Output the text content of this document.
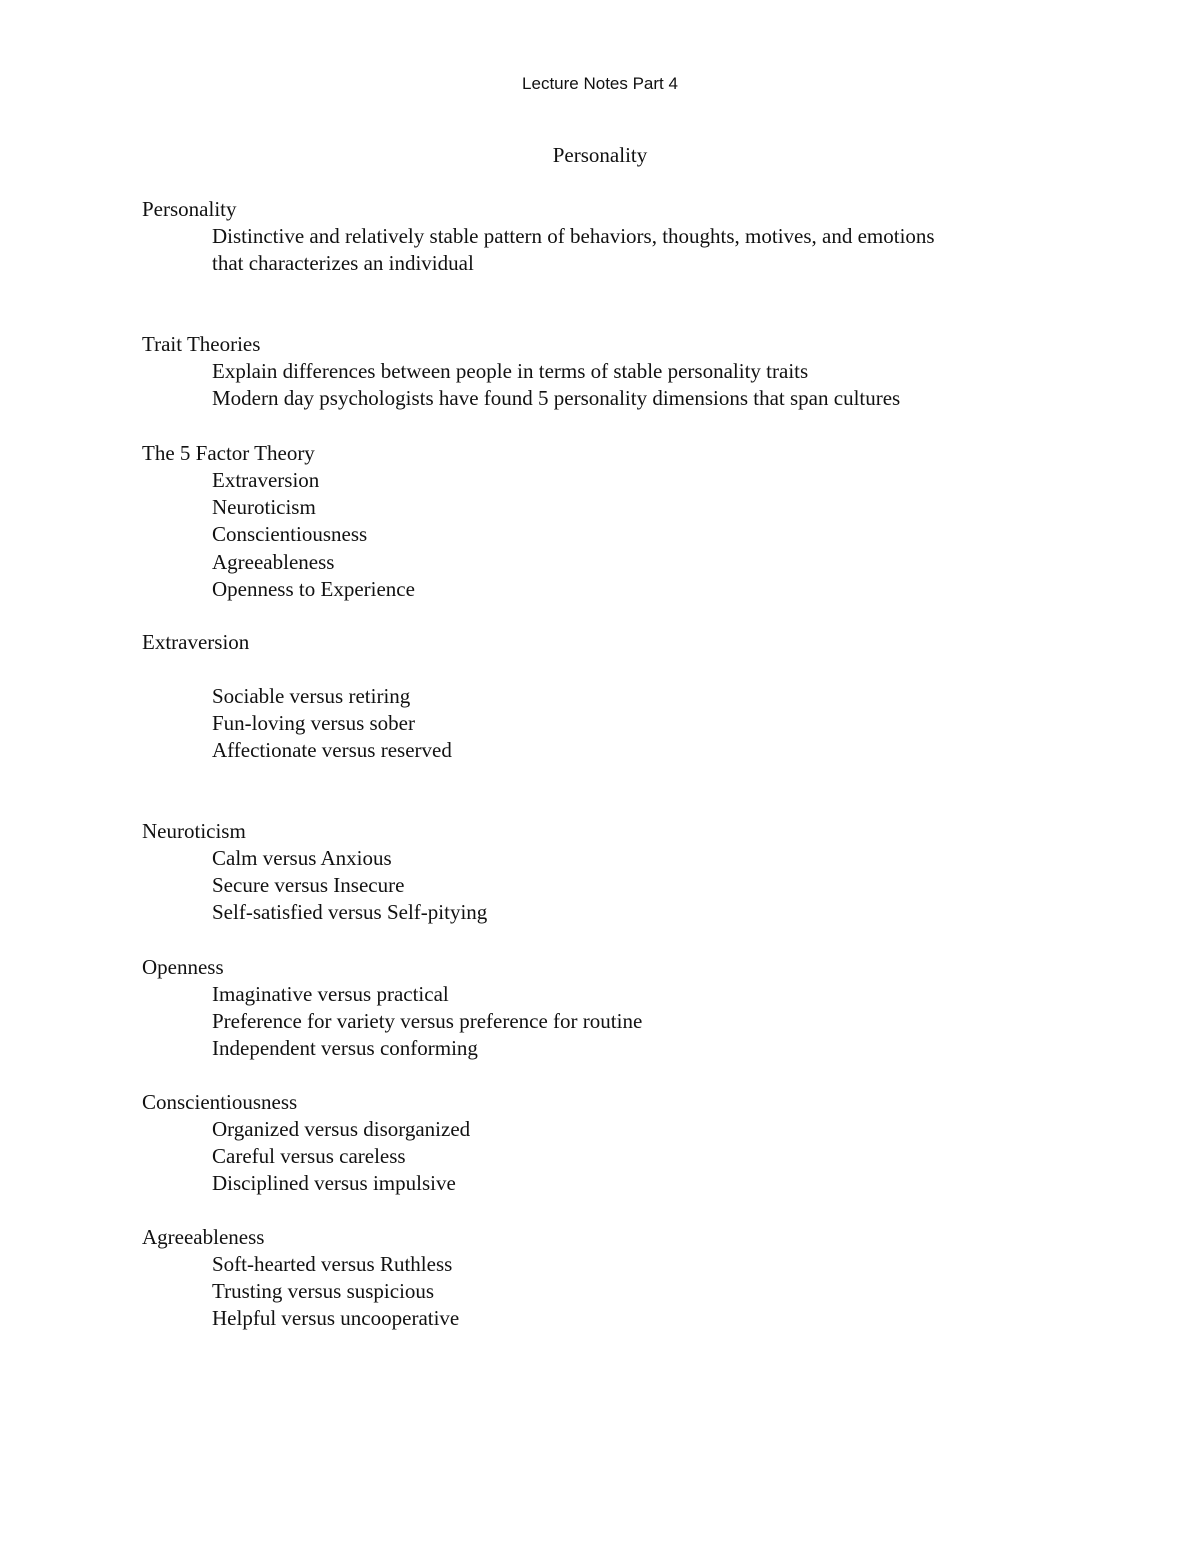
Lecture Notes Part 4
Personality
Personality
Distinctive and relatively stable pattern of behaviors, thoughts, motives, and emotions
that characterizes an individual
Trait Theories
Explain differences between people in terms of stable personality traits
Modern day psychologists have found 5 personality dimensions that span cultures
The 5 Factor Theory
Extraversion
Neuroticism
Conscientiousness
Agreeableness
Openness to Experience
Extraversion
Sociable versus retiring
Fun-loving versus sober
Affectionate versus reserved
Neuroticism
Calm versus Anxious
Secure versus Insecure
Self-satisfied versus Self-pitying
Openness
Imaginative versus practical
Preference for variety versus preference for routine
Independent versus conforming
Conscientiousness
Organized versus disorganized
Careful versus careless
Disciplined versus impulsive
Agreeableness
Soft-hearted versus Ruthless
Trusting versus suspicious
Helpful versus uncooperative
